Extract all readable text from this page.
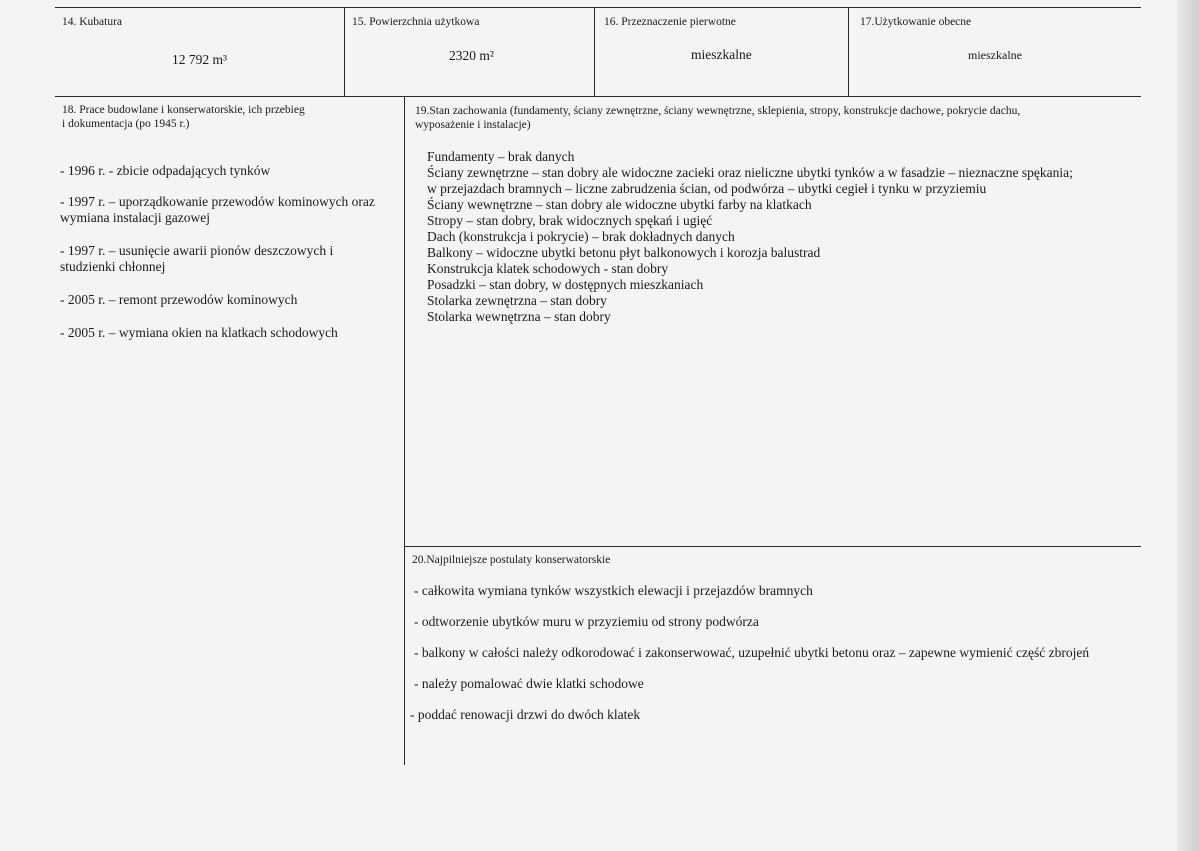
14. Kubatura
12 792 m³
15. Powierzchnia użytkowa
2320 m²
16. Przeznaczenie pierwotne
mieszkalne
17.Użytkowanie obecne
mieszkalne
18. Prace budowlane i konserwatorskie, ich przebieg
i dokumentacja (po 1945 r.)
- 1996 r. - zbicie odpadających tynków
- 1997 r. – uporządkowanie przewodów kominowych oraz
wymiana instalacji gazowej
- 1997 r. – usunięcie awarii pionów deszczowych i
studzienki chłonnej
- 2005 r. – remont przewodów kominowych
- 2005 r. – wymiana okien na klatkach schodowych
19.Stan zachowania (fundamenty, ściany zewnętrzne, ściany wewnętrzne, sklepienia, stropy, konstrukcje dachowe, pokrycie dachu,
wyposażenie i instalacje)
Fundamenty – brak danych
Ściany zewnętrzne – stan dobry ale widoczne zacieki oraz nieliczne ubytki tynków a w fasadzie – nieznaczne spękania;
w przejazdach bramnych – liczne zabrudzenia ścian, od podwórza – ubytki cegieł i tynku w przyziemiu
Ściany wewnętrzne – stan dobry ale widoczne ubytki farby na klatkach
Stropy – stan dobry, brak widocznych spękań i ugięć
Dach (konstrukcja i pokrycie) – brak dokładnych danych
Balkony – widoczne ubytki betonu płyt balkonowych i korozja balustrad
Konstrukcja klatek schodowych - stan dobry
Posadzki – stan dobry, w dostępnych mieszkaniach
Stolarka zewnętrzna – stan dobry
Stolarka wewnętrzna – stan dobry
20.Najpilniejsze postulaty konserwatorskie
- całkowita wymiana tynków wszystkich elewacji i przejazdów bramnych
- odtworzenie ubytków muru w przyziemiu od strony podwórza
- balkony w całości należy odkorodować i zakonserwować, uzupełnić ubytki betonu oraz – zapewne wymienić część zbrojeń
- należy pomalować dwie klatki schodowe
- poddać renowacji drzwi do dwóch klatek
